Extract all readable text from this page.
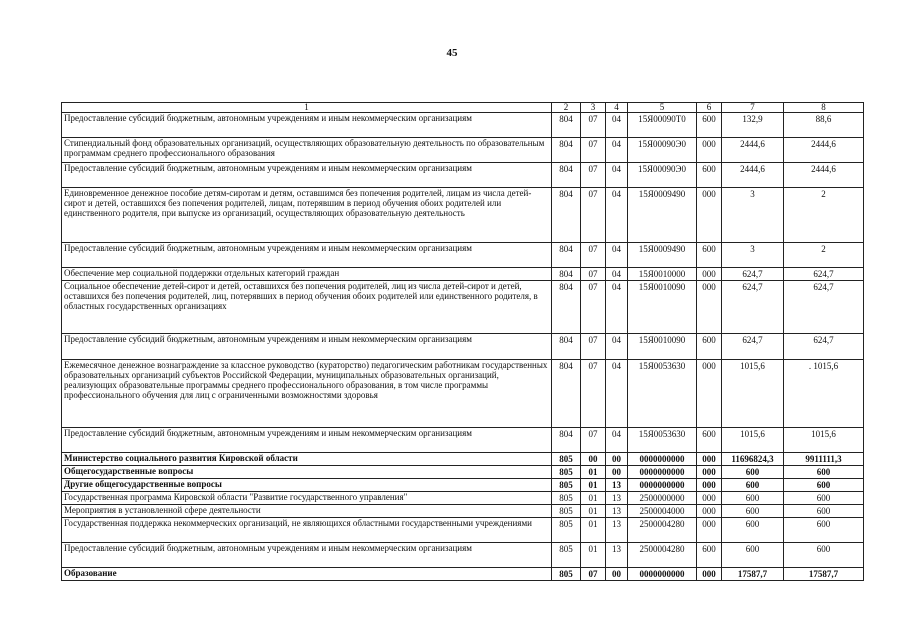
45
1	2	3	4	5	6	7	8
Предоставление субсидий бюджетным, автономным учреждениям и иным некоммерческим организациям	804	07	04	15Я00090Т0	600	132,9	88,6
Стипендиальный фонд образовательных организаций, осуществляющих образовательную деятельность по образовательным программам среднего профессионального образования	804	07	04	15Я00090Э0	000	2444,6	2444,6
Предоставление субсидий бюджетным, автономным учреждениям и иным некоммерческим организациям	804	07	04	15Я00090Э0	600	2444,6	2444,6
Единовременное денежное пособие детям-сиротам и детям, оставшимся без попечения родителей, лицам из числа детей-сирот и детей, оставшихся без попечения родителей, лицам, потерявшим в период обучения обоих родителей или единственного родителя, при выпуске из организаций, осуществляющих образовательную деятельность	804	07	04	15Я0009490	000	3	2
Предоставление субсидий бюджетным, автономным учреждениям и иным некоммерческим организациям	804	07	04	15Я0009490	600	3	2
Обеспечение мер социальной поддержки отдельных категорий граждан	804	07	04	15Я0010000	000	624,7	624,7
Социальное обеспечение детей-сирот и детей, оставшихся без попечения родителей, лиц из числа детей-сирот и детей, оставшихся без попечения родителей, лиц, потерявших в период обучения обоих родителей или единственного родителя, в областных государственных организациях	804	07	04	15Я0010090	000	624,7	624,7
Предоставление субсидий бюджетным, автономным учреждениям и иным некоммерческим организациям	804	07	04	15Я0010090	600	624,7	624,7
Ежемесячное денежное вознаграждение за классное руководство (кураторство) педагогическим работникам государственных образовательных организаций субъектов Российской Федерации, муниципальных образовательных организаций, реализующих образовательные программы среднего профессионального образования, в том числе программы профессионального обучения для лиц с ограниченными возможностями здоровья	804	07	04	15Я0053630	000	1015,6	. 1015,6
Предоставление субсидий бюджетным, автономным учреждениям и иным некоммерческим организациям	804	07	04	15Я0053630	600	1015,6	1015,6
Министерство социального развития Кировской области	805	00	00	0000000000	000	11696824,3	9911111,3
Общегосударственные вопросы	805	01	00	0000000000	000	600	600
Другие общегосударственные вопросы	805	01	13	0000000000	000	600	600
Государственная программа Кировской области "Развитие государственного управления"	805	01	13	2500000000	000	600	600
Мероприятия в установленной сфере деятельности	805	01	13	2500004000	000	600	600
Государственная поддержка некоммерческих организаций, не являющихся областными государственными учреждениями	805	01	13	2500004280	000	600	600
Предоставление субсидий бюджетным, автономным учреждениям и иным некоммерческим организациям	805	01	13	2500004280	600	600	600
Образование	805	07	00	0000000000	000	17587,7	17587,7
